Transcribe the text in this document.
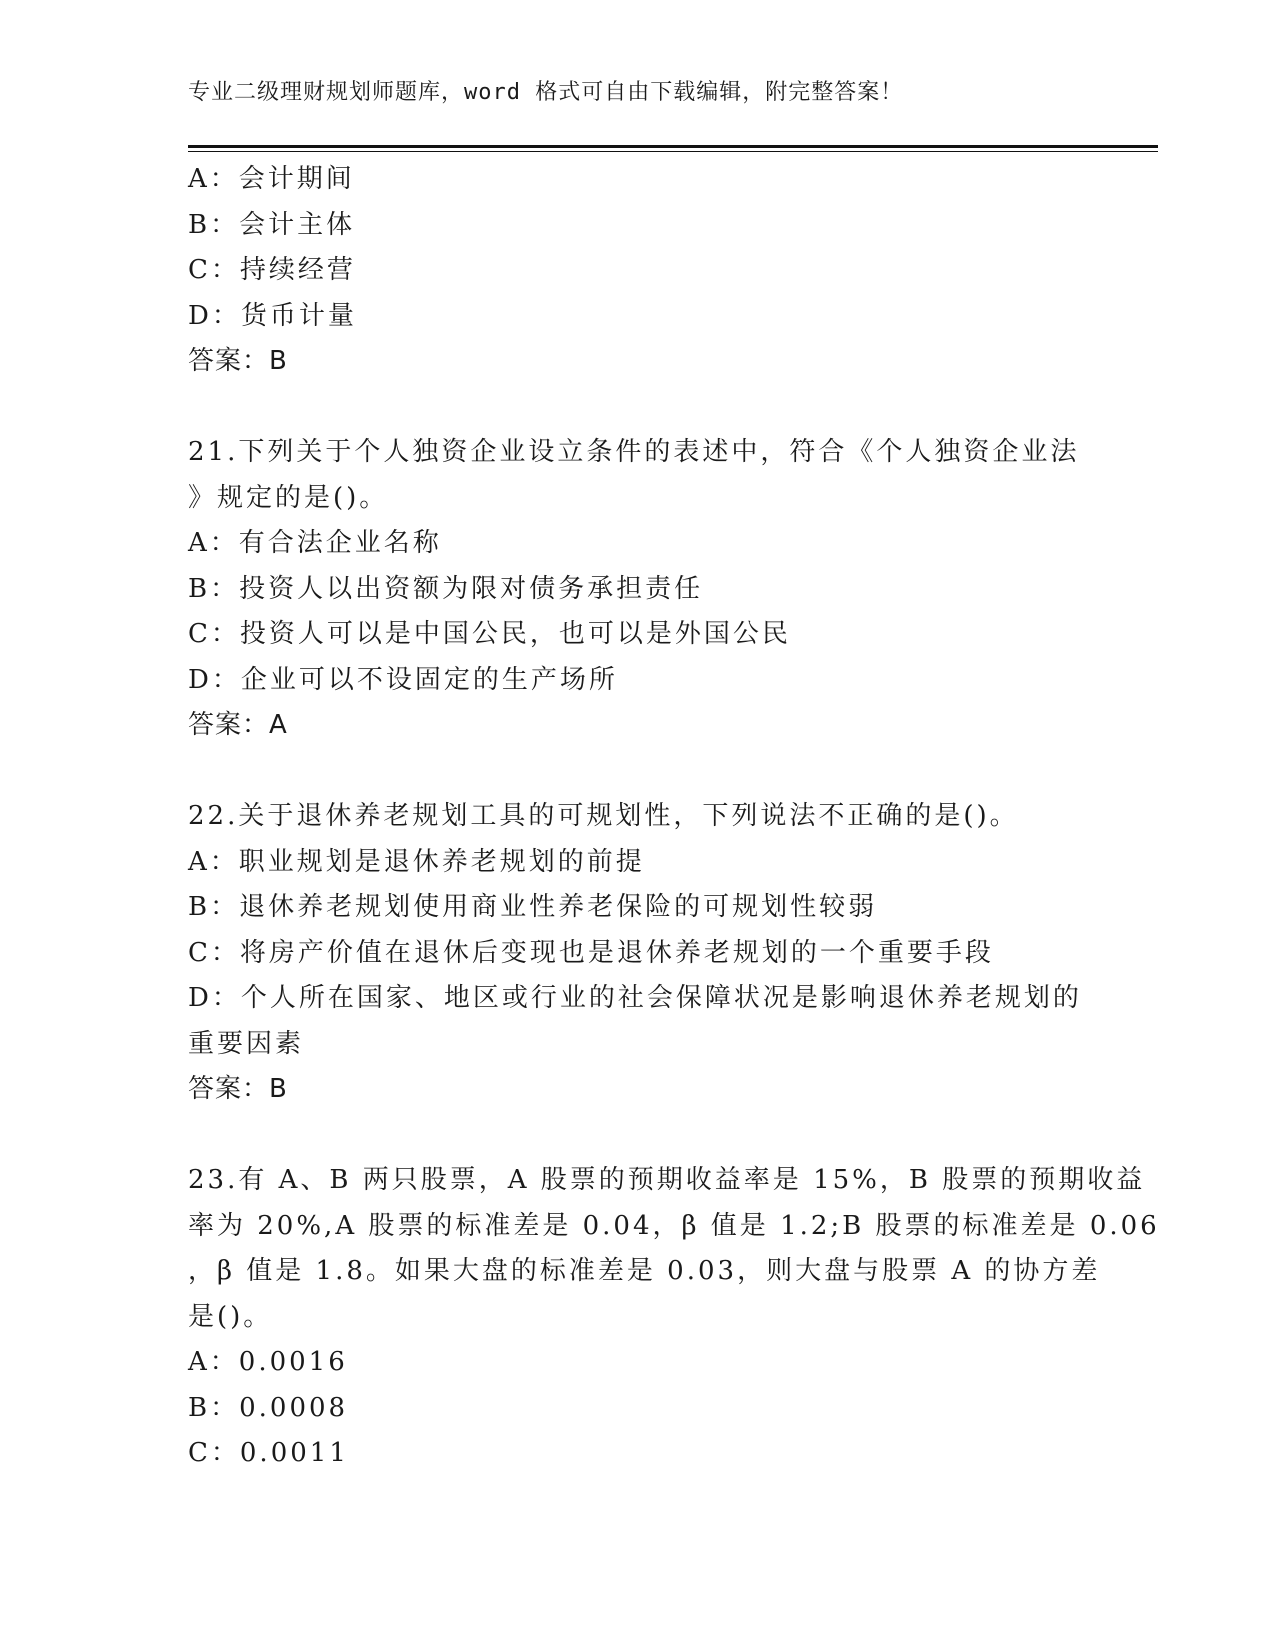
专业二级理财规划师题库，word 格式可自由下载编辑，附完整答案！
A：会计期间
B：会计主体
C：持续经营
D：货币计量
答案：B
21.下列关于个人独资企业设立条件的表述中，符合《个人独资企业法
》规定的是()。
A：有合法企业名称
B：投资人以出资额为限对债务承担责任
C：投资人可以是中国公民，也可以是外国公民
D：企业可以不设固定的生产场所
答案：A
22.关于退休养老规划工具的可规划性，下列说法不正确的是()。
A：职业规划是退休养老规划的前提
B：退休养老规划使用商业性养老保险的可规划性较弱
C：将房产价值在退休后变现也是退休养老规划的一个重要手段
D：个人所在国家、地区或行业的社会保障状况是影响退休养老规划的
重要因素
答案：B
23.有 A、B 两只股票，A 股票的预期收益率是 15%，B 股票的预期收益
率为 20%,A 股票的标准差是 0.04，β 值是 1.2;B 股票的标准差是 0.06
，β 值是 1.8。如果大盘的标准差是 0.03，则大盘与股票 A 的协方差
是()。
A：0.0016
B：0.0008
C：0.0011
